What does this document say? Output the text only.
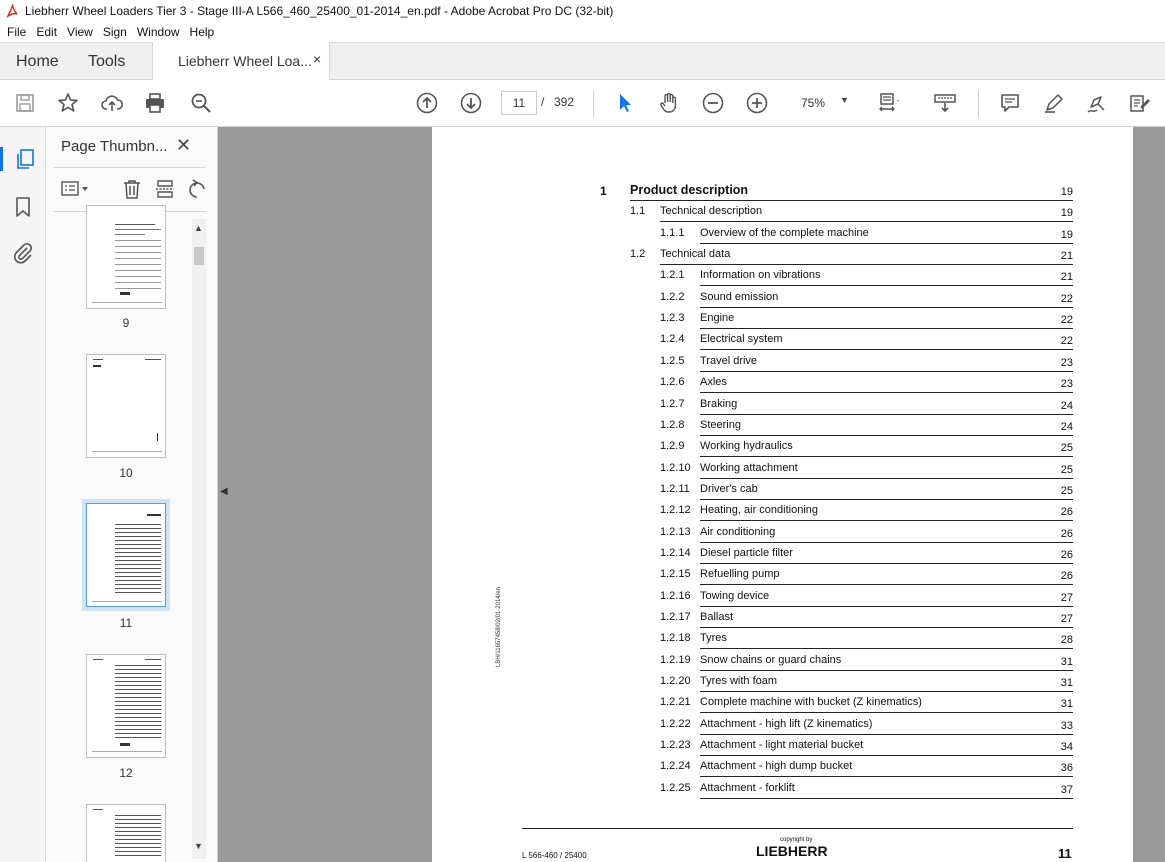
Liebherr Wheel Loaders Tier 3 - Stage III-A L566_460_25400_01-2014_en.pdf - Adobe Acrobat Pro DC (32-bit)
File Edit View Sign Window Help
Home Tools	Liebherr Wheel Loa... ×
11	/ 392	75%	▼
Page Thumbn... ✕
▲
▼
9
10
11
12
◀
1 Product description	19
1.1 Technical description	19
1.1.1 Overview of the complete machine	19
1.2 Technical data	21
1.2.1 Information on vibrations	21
1.2.2 Sound emission	22
1.2.3 Engine	22
1.2.4 Electrical system	22
1.2.5 Travel drive	23
1.2.6 Axles	23
1.2.7 Braking	24
1.2.8 Steering	24
1.2.9 Working hydraulics	25
1.2.10 Working attachment	25
1.2.11 Driver's cab	25
1.2.12 Heating, air conditioning	26
1.2.13 Air conditioning	26
1.2.14 Diesel particle filter	26
1.2.15 Refuelling pump	26
1.2.16 Towing device	27
1.2.17 Ballast	27
1.2.18 Tyres	28
1.2.19 Snow chains or guard chains	31
1.2.20 Tyres with foam	31
1.2.21 Complete machine with bucket (Z kinematics)	31
1.2.22 Attachment - high lift (Z kinematics)	33
1.2.23 Attachment - light material bucket	34
1.2.24 Attachment - high dump bucket	36
1.2.25 Attachment - forklift	37
LBH/11657458/02/01-2014/en
L 566-460 / 25400
copyright by
LIEBHERR	11
